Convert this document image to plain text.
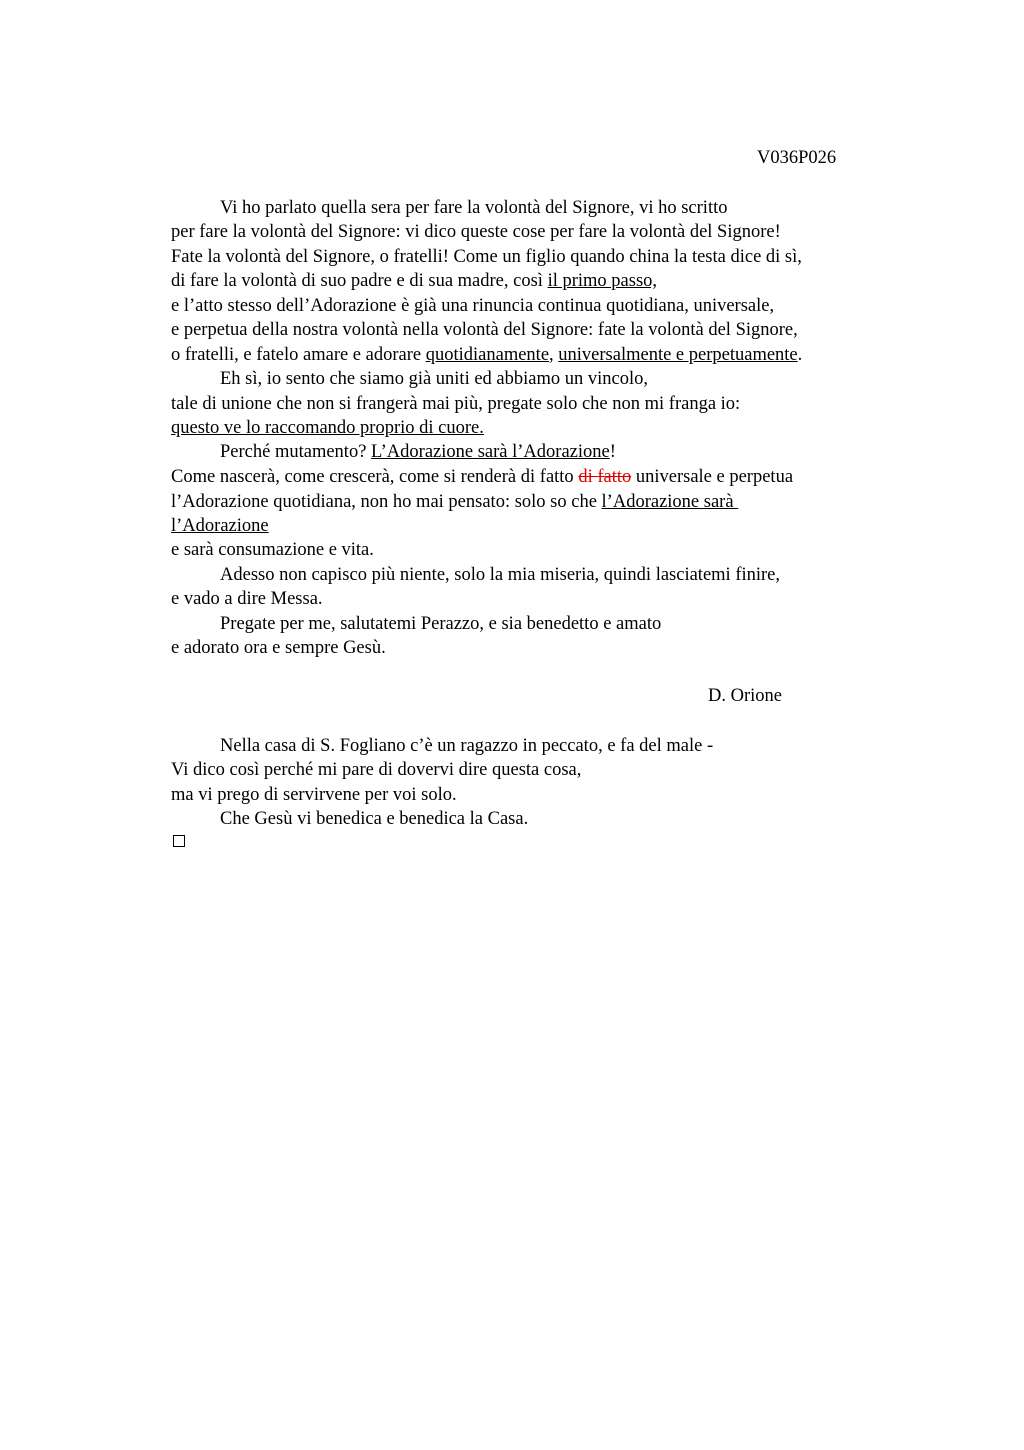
V036P026
Vi ho parlato quella sera per fare la volontà del Signore, vi ho scritto
per fare la volontà del Signore: vi dico queste cose per fare la volontà del Signore!
Fate la volontà del Signore, o fratelli! Come un figlio quando china la testa dice di sì,
di fare la volontà di suo padre e di sua madre, così il primo passo,
e l’atto stesso dell’Adorazione è già una rinuncia continua quotidiana, universale,
e perpetua della nostra volontà nella volontà del Signore: fate la volontà del Signore,
o fratelli, e fatelo amare e adorare quotidianamente, universalmente e perpetuamente.
Eh sì, io sento che siamo già uniti ed abbiamo un vincolo,
tale di unione che non si frangerà mai più, pregate solo che non mi franga io:
questo ve lo raccomando proprio di cuore.
Perché mutamento? L’Adorazione sarà l’Adorazione!
Come nascerà, come crescerà, come si renderà di fatto di fatto universale e perpetua
l’Adorazione quotidiana, non ho mai pensato: solo so che l’Adorazione sarà
l’Adorazione
e sarà consumazione e vita.
Adesso non capisco più niente, solo la mia miseria, quindi lasciatemi finire,
e vado a dire Messa.
Pregate per me, salutatemi Perazzo, e sia benedetto e amato
e adorato ora e sempre Gesù.
D. Orione
Nella casa di S. Fogliano c’è un ragazzo in peccato, e fa del male -
Vi dico così perché mi pare di dovervi dire questa cosa,
ma vi prego di servirvene per voi solo.
Che Gesù vi benedica e benedica la Casa.
